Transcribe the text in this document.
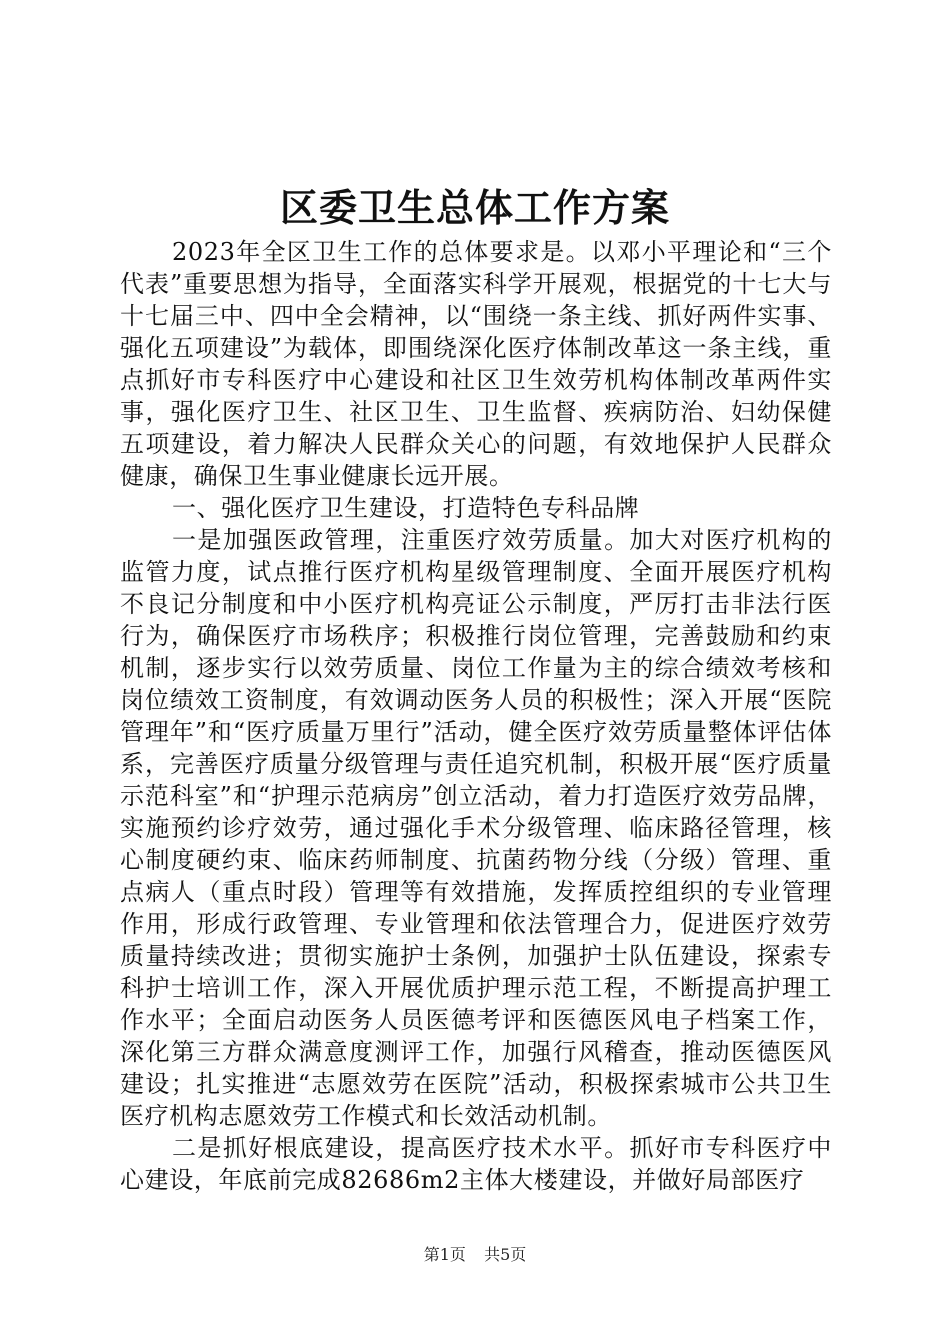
区委卫生总体工作方案

2023年全区卫生工作的总体要求是。以邓小平理论和“三个代表”重要思想为指导，全面落实科学开展观，根据党的十七大与十七届三中、四中全会精神，以“围绕一条主线、抓好两件实事、强化五项建设”为载体，即围绕深化医疗体制改革这一条主线，重点抓好市专科医疗中心建设和社区卫生效劳机构体制改革两件实事，强化医疗卫生、社区卫生、卫生监督、疾病防治、妇幼保健五项建设，着力解决人民群众关心的问题，有效地保护人民群众健康，确保卫生事业健康长远开展。

一、强化医疗卫生建设，打造特色专科品牌

一是加强医政管理，注重医疗效劳质量。加大对医疗机构的监管力度，试点推行医疗机构星级管理制度、全面开展医疗机构不良记分制度和中小医疗机构亮证公示制度，严厉打击非法行医行为，确保医疗市场秩序；积极推行岗位管理，完善鼓励和约束机制，逐步实行以效劳质量、岗位工作量为主的综合绩效考核和岗位绩效工资制度，有效调动医务人员的积极性；深入开展“医院管理年”和“医疗质量万里行”活动，健全医疗效劳质量整体评估体系，完善医疗质量分级管理与责任追究机制，积极开展“医疗质量示范科室”和“护理示范病房”创立活动，着力打造医疗效劳品牌，实施预约诊疗效劳，通过强化手术分级管理、临床路径管理，核心制度硬约束、临床药师制度、抗菌药物分线（分级）管理、重点病人（重点时段）管理等有效措施，发挥质控组织的专业管理作用，形成行政管理、专业管理和依法管理合力，促进医疗效劳质量持续改进；贯彻实施护士条例，加强护士队伍建设，探索专科护士培训工作，深入开展优质护理示范工程，不断提高护理工作水平；全面启动医务人员医德考评和医德医风电子档案工作，深化第三方群众满意度测评工作，加强行风稽查，推动医德医风建设；扎实推进“志愿效劳在医院”活动，积极探索城市公共卫生医疗机构志愿效劳工作模式和长效活动机制。

二是抓好根底建设，提高医疗技术水平。抓好市专科医疗中心建设，年底前完成82686m2主体大楼建设，并做好局部医疗

第1页 共5页
